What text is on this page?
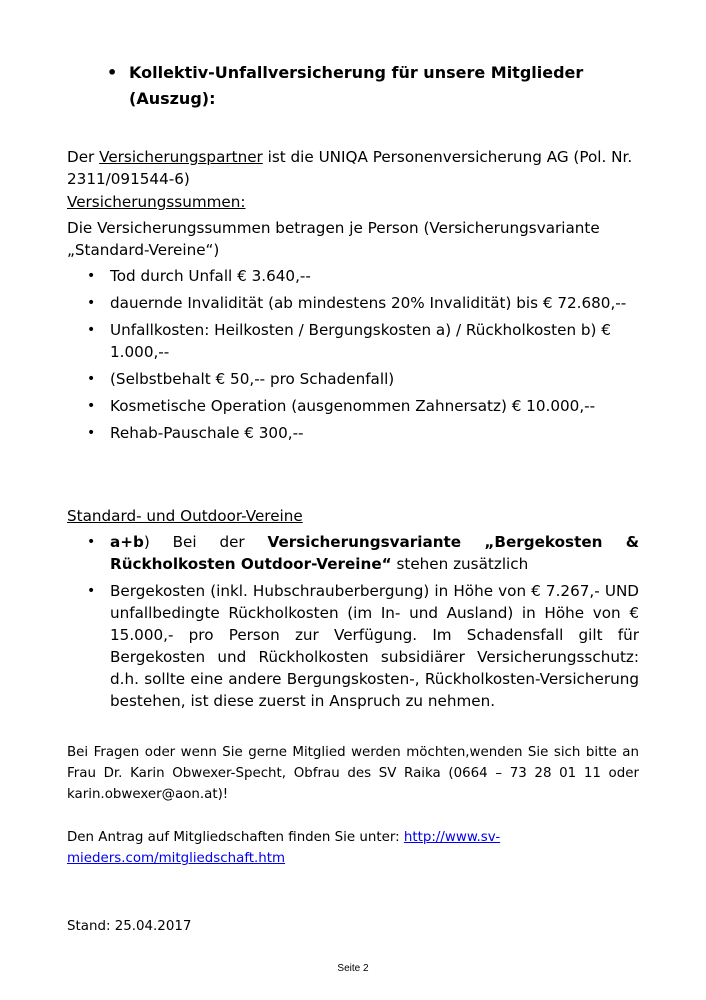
• Kollektiv-Unfallversicherung für unsere Mitglieder (Auszug):
Der Versicherungspartner ist die UNIQA Personenversicherung AG (Pol. Nr. 2311/091544-6)
Versicherungssummen:
Die Versicherungssummen betragen je Person (Versicherungsvariante „Standard-Vereine“)
• Tod durch Unfall € 3.640,--
• dauernde Invalidität (ab mindestens 20% Invalidität) bis € 72.680,--
• Unfallkosten: Heilkosten / Bergungskosten a) / Rückholkosten b) € 1.000,--
• (Selbstbehalt € 50,-- pro Schadenfall)
• Kosmetische Operation (ausgenommen Zahnersatz) € 10.000,--
• Rehab-Pauschale € 300,--
Standard- und Outdoor-Vereine
• a+b) Bei der Versicherungsvariante „Bergekosten & Rückholkosten Outdoor-Vereine“ stehen zusätzlich
• Bergekosten (inkl. Hubschrauberbergung) in Höhe von € 7.267,- UND unfallbedingte Rückholkosten (im In- und Ausland) in Höhe von € 15.000,- pro Person zur Verfügung. Im Schadensfall gilt für Bergekosten und Rückholkosten subsidiärer Versicherungsschutz: d.h. sollte eine andere Bergungskosten-, Rückholkosten-Versicherung bestehen, ist diese zuerst in Anspruch zu nehmen.
Bei Fragen oder wenn Sie gerne Mitglied werden möchten,wenden Sie sich bitte an Frau Dr. Karin Obwexer-Specht, Obfrau des SV Raika (0664 – 73 28 01 11 oder karin.obwexer@aon.at)!
Den Antrag auf Mitgliedschaften finden Sie unter: http://www.sv-mieders.com/mitgliedschaft.htm
Stand: 25.04.2017
Seite 2
